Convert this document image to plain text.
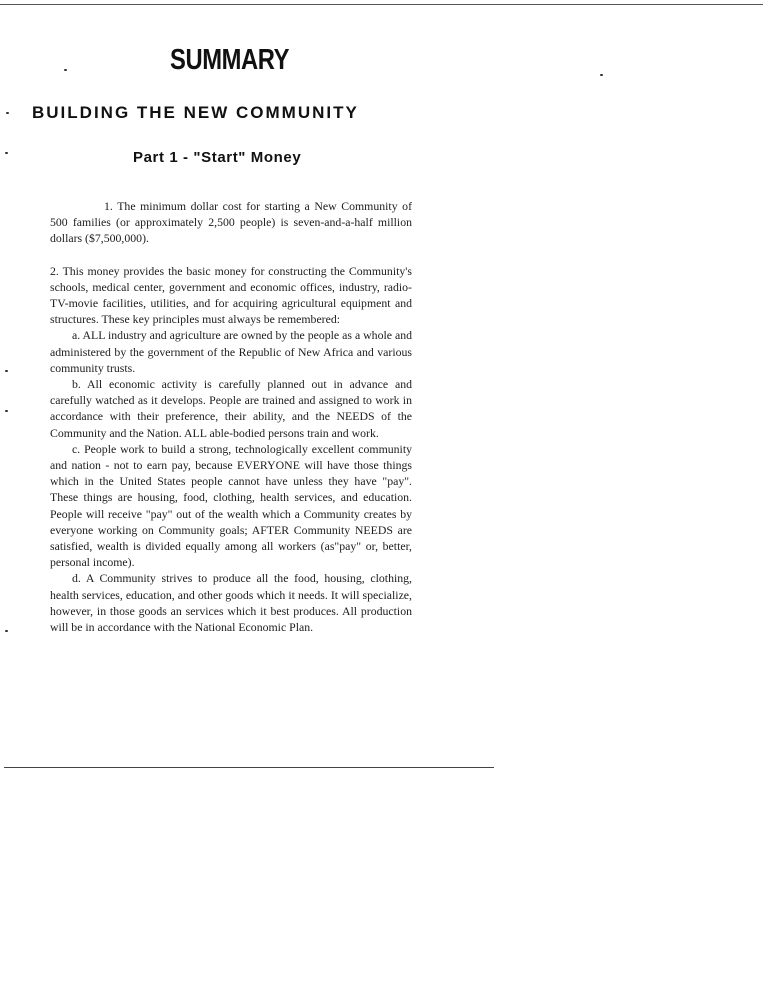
SUMMARY
BUILDING THE NEW COMMUNITY
Part 1 - "Start" Money

1. The minimum dollar cost for starting a New Community of 500 families (or approximately 2,500 people) is seven-and-a-half million dollars ($7,500,000).

2. This money provides the basic money for constructing the Community's schools, medical center, government and economic offices, industry, radio- TV-movie facilities, utilities, and for acquiring agricultural equipment and structures. These key principles must always be remembered:

a. ALL industry and agriculture are owned by the people as a whole and administered by the government of the Republic of New Africa and various community trusts.

b. All economic activity is carefully planned out in advance and carefully watched as it develops. People are trained and assigned to work in accordance with their preference, their ability, and the NEEDS of the Community and the Nation. ALL able-bodied persons train and work.

c. People work to build a strong, technologically excellent community and nation - not to earn pay, because EVERYONE will have those things which in the United States people cannot have unless they have "pay". These things are housing, food, clothing, health services, and education. People will receive "pay" out of the wealth which a Community creates by everyone working on Community goals; AFTER Community NEEDS are satisfied, wealth is divided equally among all workers (as"pay" or, better, personal income).

d. A Community strives to produce all the food, housing, clothing, health services, education, and other goods which it needs. It will specialize, however, in those goods an services which it best produces. All production will be in accordance with the National Economic Plan.
